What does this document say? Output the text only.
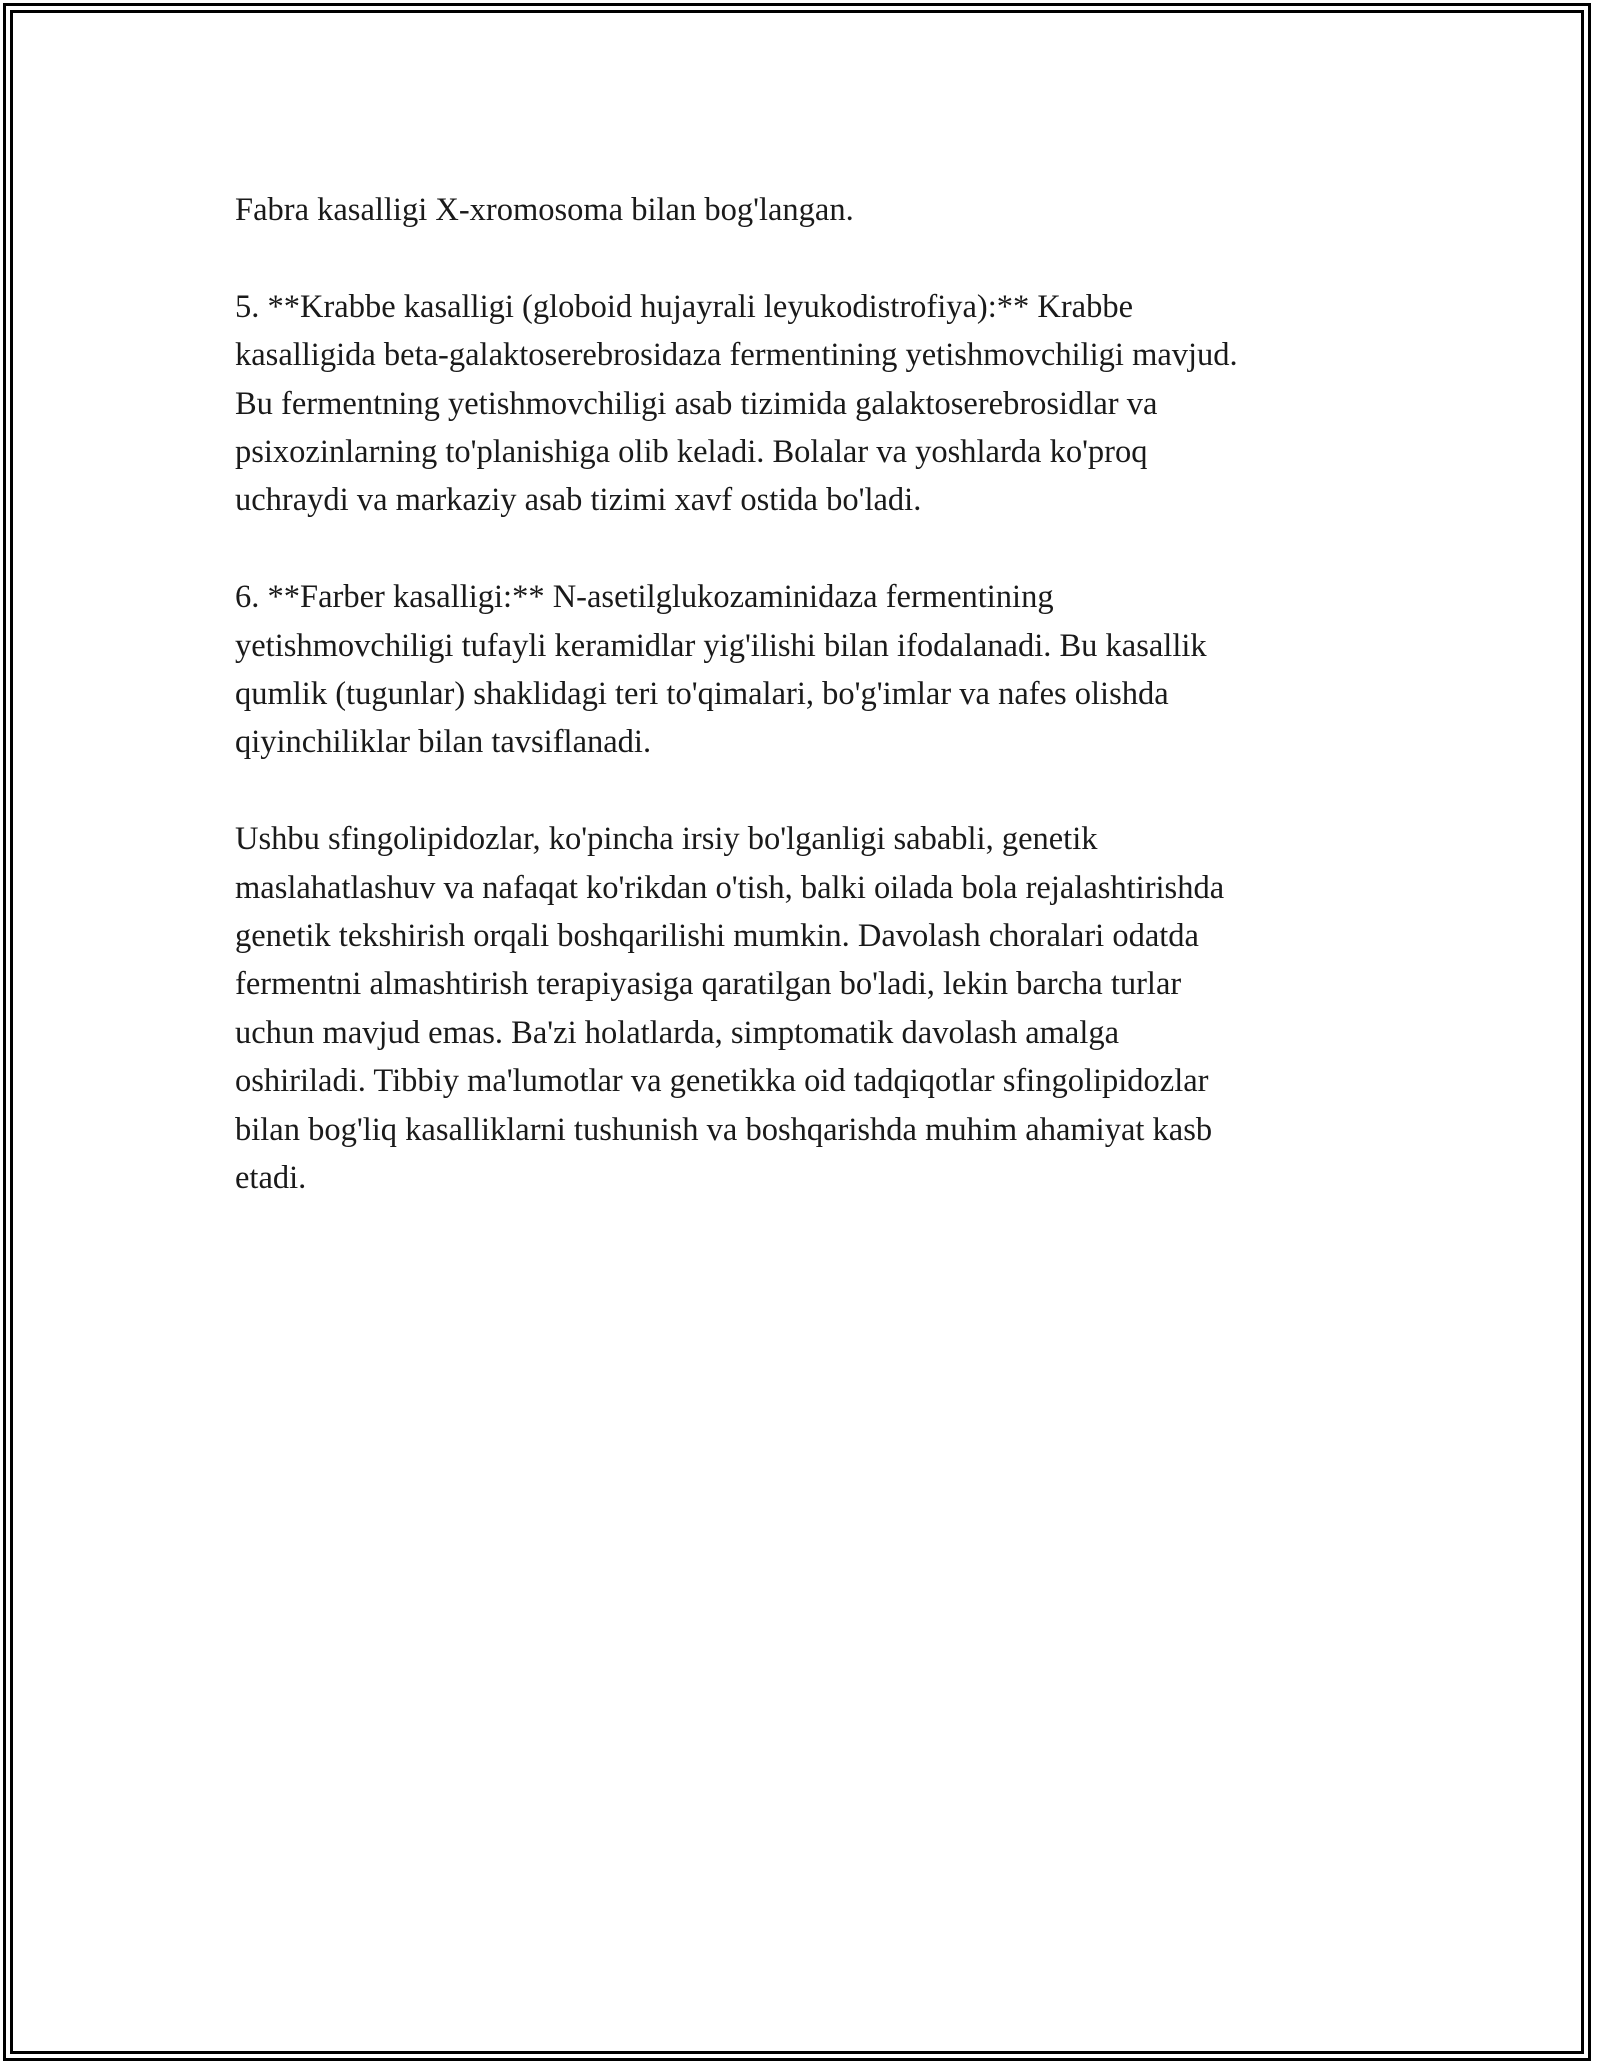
Fabra kasalligi X-xromosoma bilan bog'langan.

5. **Krabbe kasalligi (globoid hujayrali leyukodistrofiya):** Krabbe
kasalligida beta-galaktoserebrosidaza fermentining yetishmovchiligi mavjud.
Bu fermentning yetishmovchiligi asab tizimida galaktoserebrosidlar va
psixozinlarning to'planishiga olib keladi. Bolalar va yoshlarda ko'proq
uchraydi va markaziy asab tizimi xavf ostida bo'ladi.

6. **Farber kasalligi:** N-asetilglukozaminidaza fermentining
yetishmovchiligi tufayli keramidlar yig'ilishi bilan ifodalanadi. Bu kasallik
qumlik (tugunlar) shaklidagi teri to'qimalari, bo'g'imlar va nafes olishda
qiyinchiliklar bilan tavsiflanadi.

Ushbu sfingolipidozlar, ko'pincha irsiy bo'lganligi sababli, genetik
maslahatlashuv va nafaqat ko'rikdan o'tish, balki oilada bola rejalashtirishda
genetik tekshirish orqali boshqarilishi mumkin. Davolash choralari odatda
fermentni almashtirish terapiyasiga qaratilgan bo'ladi, lekin barcha turlar
uchun mavjud emas. Ba'zi holatlarda, simptomatik davolash amalga
oshiriladi. Tibbiy ma'lumotlar va genetikka oid tadqiqotlar sfingolipidozlar
bilan bog'liq kasalliklarni tushunish va boshqarishda muhim ahamiyat kasb
etadi.
